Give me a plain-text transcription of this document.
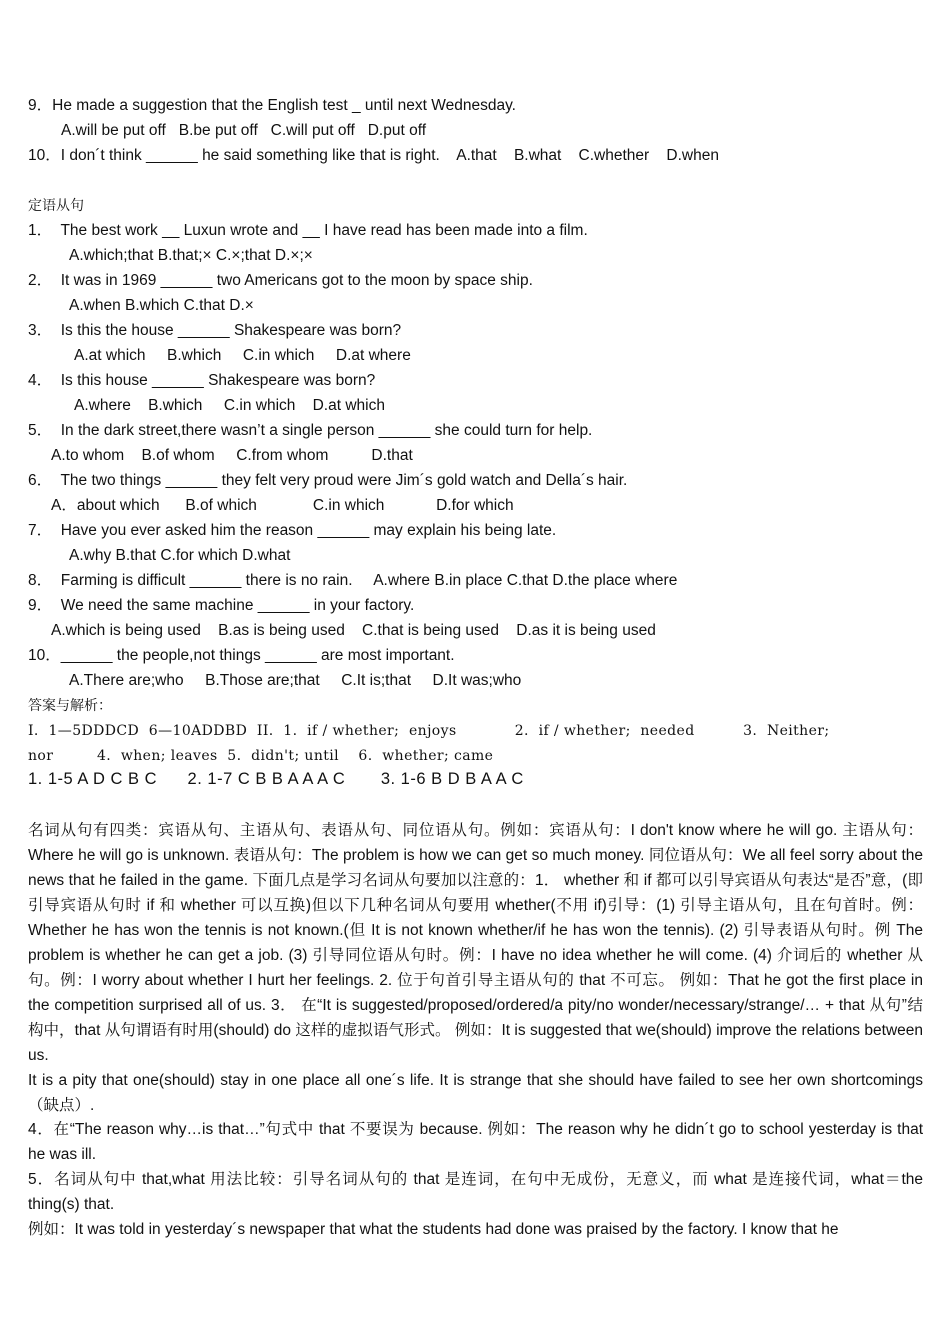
9．He made a suggestion that the English test _ until next Wednesday.
A.will be put off   B.be put off   C.will put off   D.put off
10．I don´t think ______ he said something like that is right.    A.that    B.what    C.whether    D.when
定语从句
1．  The best work __ Luxun wrote and __ I have read has been made into a film.
A.which;that B.that;× C.×;that D.×;×
2．  It was in 1969 ______ two Americans got to the moon by space ship.
A.when B.which C.that D.×
3．  Is this the house ______ Shakespeare was born?
A.at which     B.which     C.in which     D.at where
4．  Is this house ______ Shakespeare was born?
A.where    B.which     C.in which    D.at which
5．  In the dark street,there wasn’t a single person ______ she could turn for help.
A.to whom    B.of whom     C.from whom          D.that
6．  The two things ______ they felt very proud were Jim´s gold watch and Della´s hair.
A．about which      B.of which             C.in which            D.for which
7．  Have you ever asked him the reason ______ may explain his being late.
A.why B.that C.for which D.what
8．  Farming is difficult ______ there is no rain.     A.where B.in place C.that D.the place where
9．  We need the same machine ______ in your factory.
A.which is being used    B.as is being used    C.that is being used    D.as it is being used
10．______ the people,not things ______ are most important.
A.There are;who     B.Those are;that     C.It is;that     D.It was;who
答案与解析：
I.  1—5DDDCD  6—10ADDBD  II.  1.  if / whether;  enjoys            2.  if / whether;  needed          3.  Neither;
nor         4.  when; leaves  5.  didn't; until    6.  whether; came
1. 1-5 A D C B C      2. 1-7 C B B A A A C       3. 1-6 B D B A A C

名词从句有四类：宾语从句、主语从句、表语从句、同位语从句。例如：宾语从句：I don't know where he will go. 主语从句：Where he will go is unknown. 表语从句：The problem is how we can get so much money. 同位语从句：We all feel sorry about the news that he failed in the game. 下面几点是学习名词从句要加以注意的：1． whether 和 if 都可以引导宾语从句表达“是否”意，(即引导宾语从句时 if 和 whether 可以互换)但以下几种名词从句要用 whether(不用 if)引导：(1) 引导主语从句，且在句首时。例：Whether he has won the tennis is not known.(但 It is not known whether/if he has won the tennis). (2) 引导表语从句时。例 The problem is whether he can get a job. (3) 引导同位语从句时。例：I have no idea whether he will come. (4) 介词后的 whether 从句。例：I worry about whether I hurt her feelings. 2. 位于句首引导主语从句的 that 不可忘。 例如：That he got the first place in the competition surprised all of us. 3． 在“It is suggested/proposed/ordered/a pity/no wonder/necessary/strange/… + that 从句”结构中，that 从句谓语有时用(should) do 这样的虚拟语气形式。 例如：It is suggested that we(should) improve the relations between us.

It is a pity that one(should) stay in one place all one´s life. It is strange that she should have failed to see her own shortcomings（缺点）.

4．在“The reason why…is that…”句式中 that 不要误为 because. 例如：The reason why he didn´t go to school yesterday is that he was ill.

5．名词从句中 that,what 用法比较：引导名词从句的 that 是连词，在句中无成份，无意义，而 what 是连接代词，what＝the thing(s) that.

例如：It was told in yesterday´s newspaper that what the students had done was praised by the factory. I know that he
